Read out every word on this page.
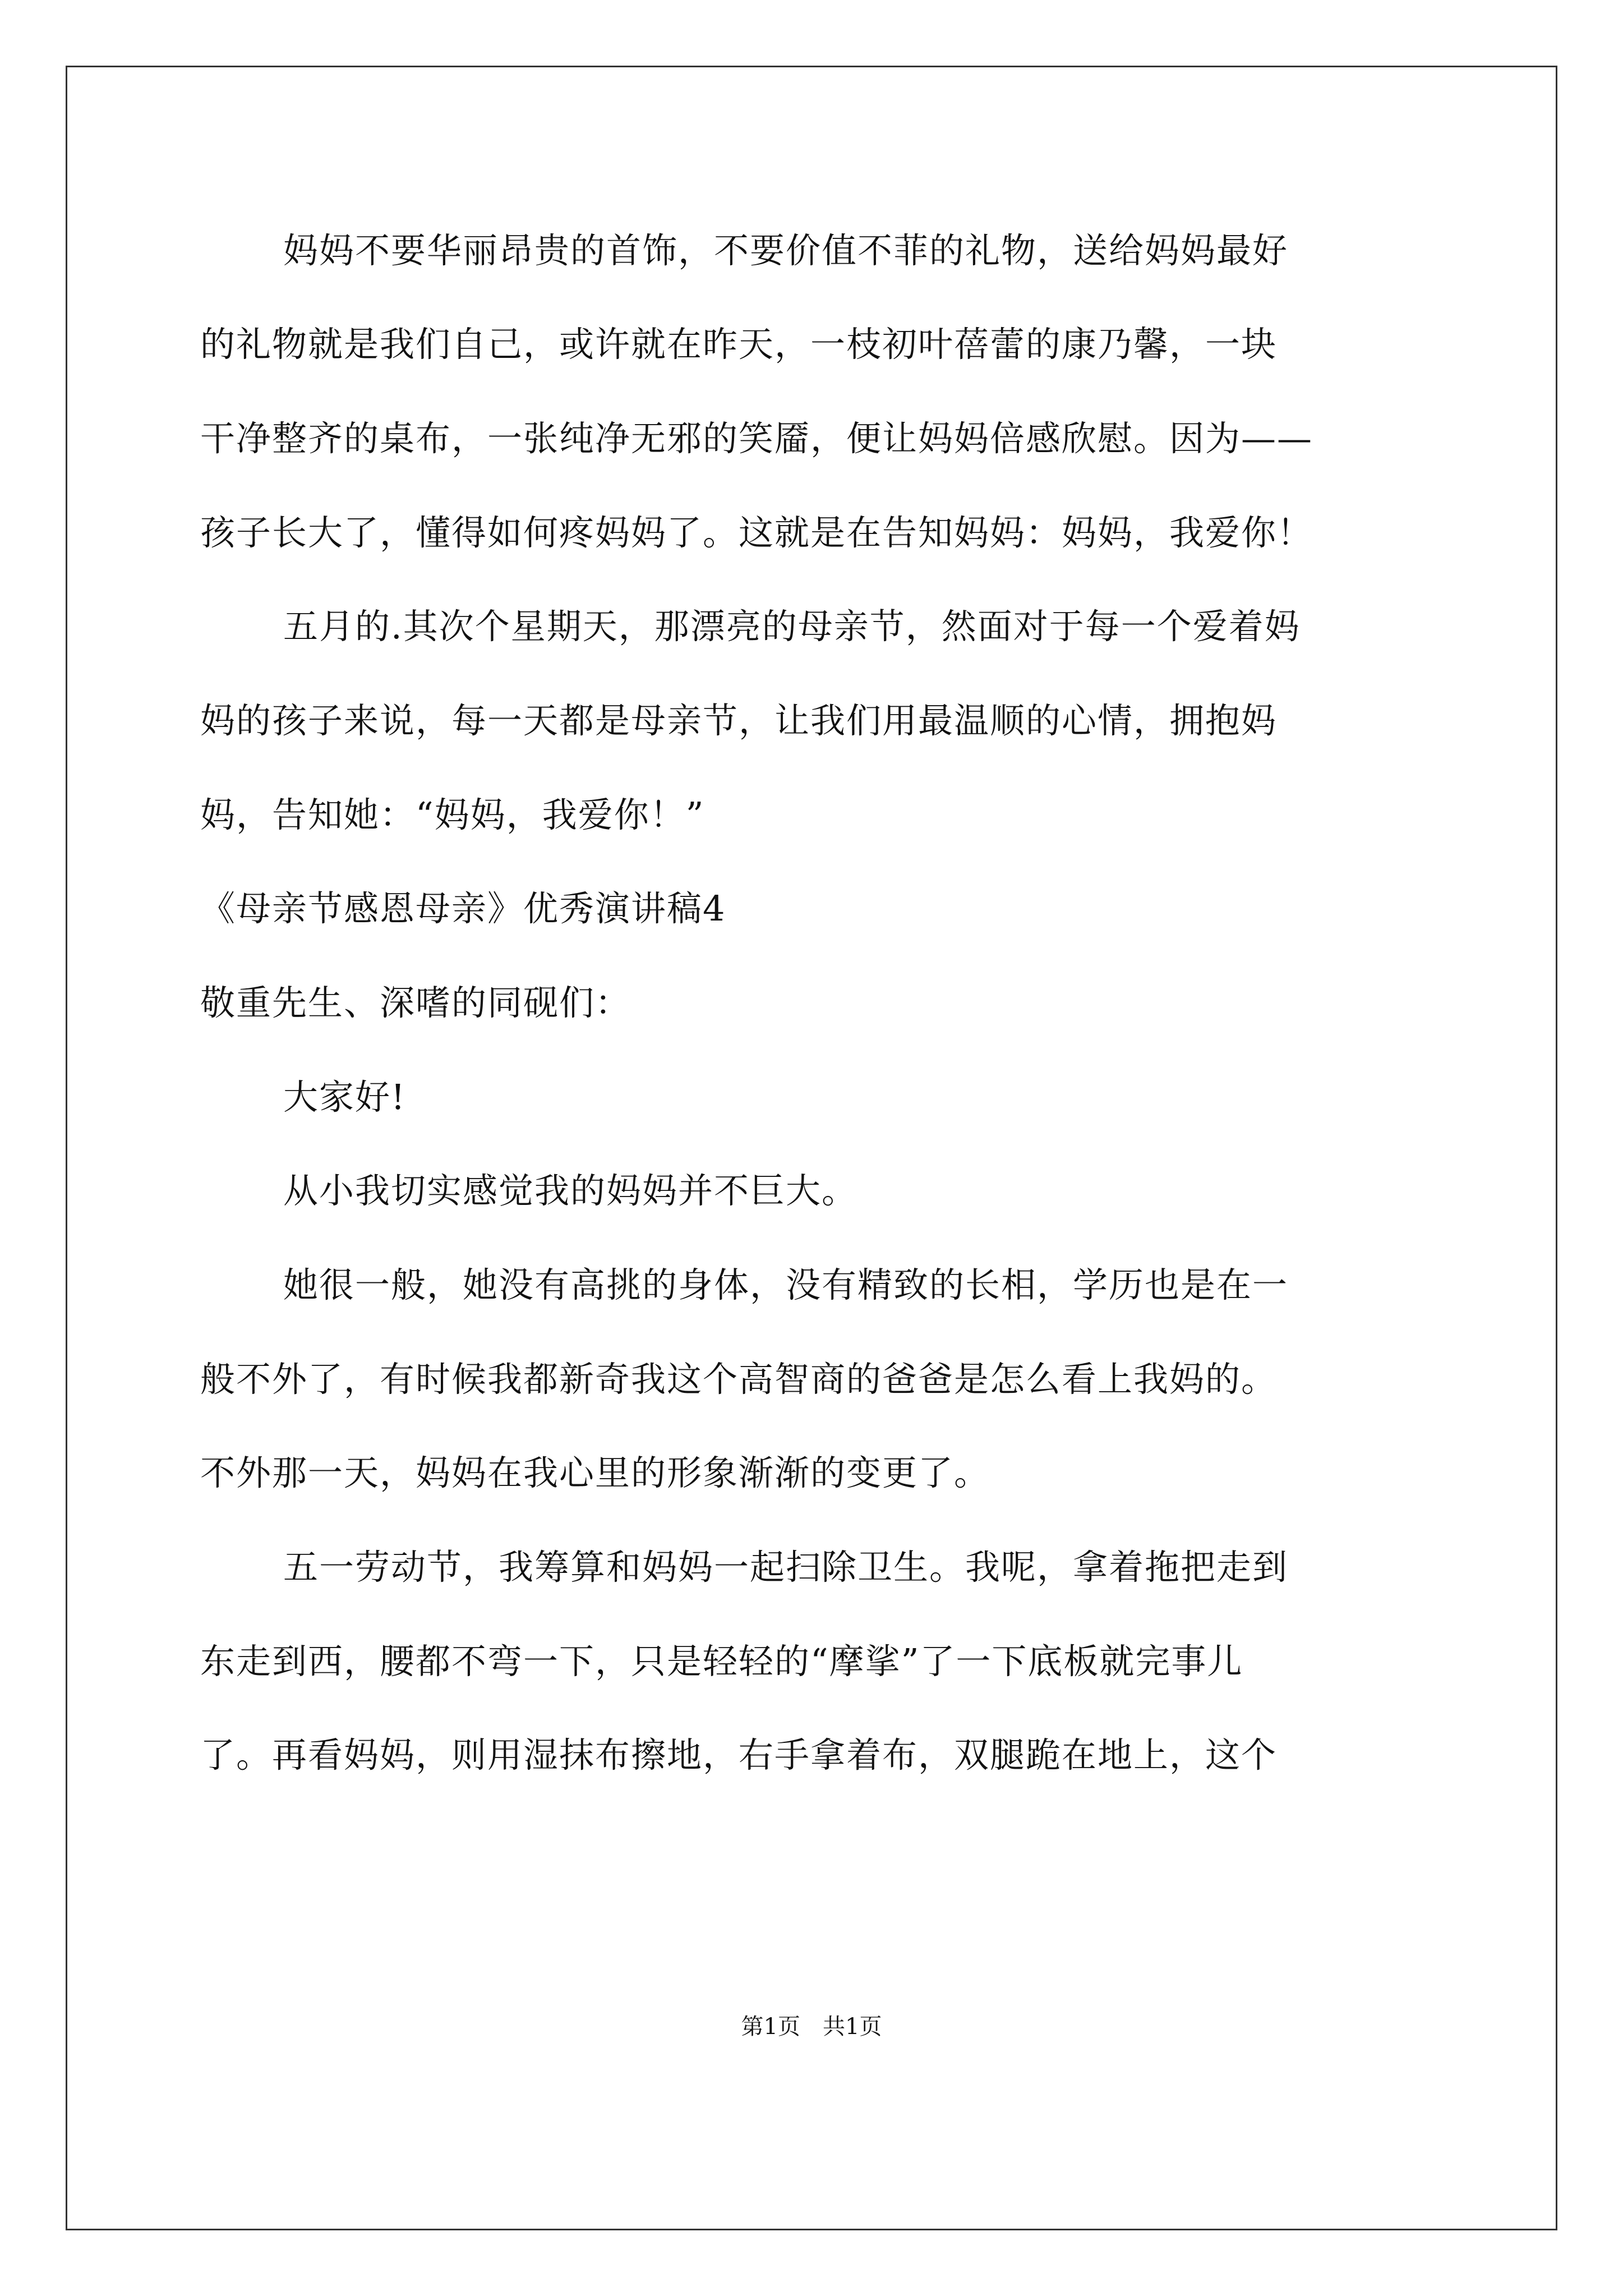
妈妈不要华丽昂贵的首饰，不要价值不菲的礼物，送给妈妈最好
的礼物就是我们自己，或许就在昨天，一枝初叶蓓蕾的康乃馨，一块
干净整齐的桌布，一张纯净无邪的笑靥，便让妈妈倍感欣慰。因为——
孩子长大了，懂得如何疼妈妈了。这就是在告知妈妈：妈妈，我爱你！
五月的.其次个星期天，那漂亮的母亲节，然面对于每一个爱着妈
妈的孩子来说，每一天都是母亲节，让我们用最温顺的心情，拥抱妈
妈，告知她：“妈妈，我爱你！”
《母亲节感恩母亲》优秀演讲稿4
敬重先生、深嗜的同砚们：
大家好!
从小我切实感觉我的妈妈并不巨大。
她很一般，她没有高挑的身体，没有精致的长相，学历也是在一
般不外了，有时候我都新奇我这个高智商的爸爸是怎么看上我妈的。
不外那一天，妈妈在我心里的形象渐渐的变更了。
五一劳动节，我筹算和妈妈一起扫除卫生。我呢，拿着拖把走到
东走到西，腰都不弯一下，只是轻轻的“摩挲”了一下底板就完事儿
了。再看妈妈，则用湿抹布擦地，右手拿着布，双腿跪在地上，这个
第1页　共1页
